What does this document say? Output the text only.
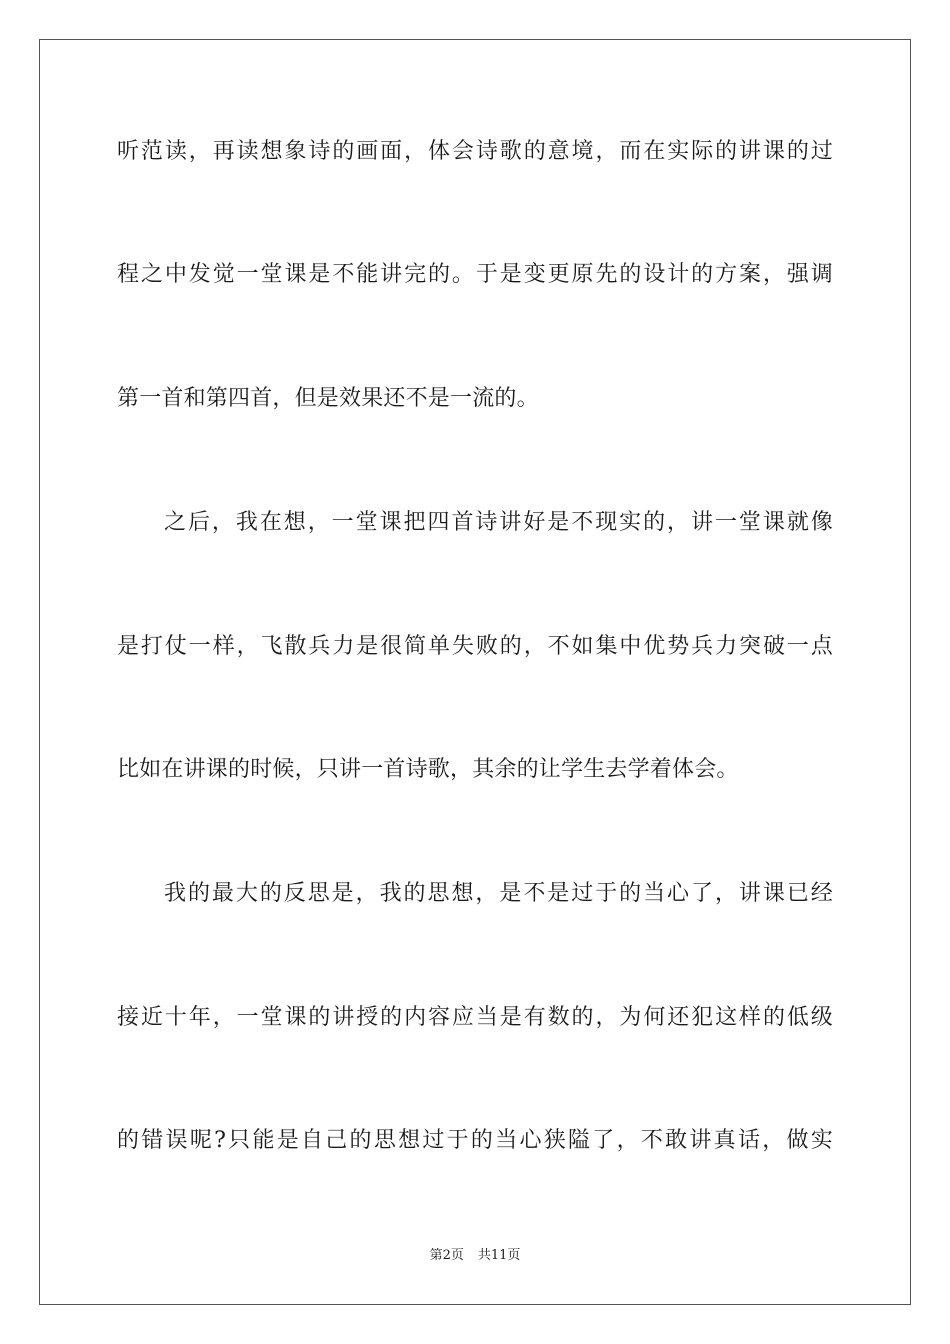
听范读，再读想象诗的画面，体会诗歌的意境，而在实际的讲课的过
程之中发觉一堂课是不能讲完的。于是变更原先的设计的方案，强调
第一首和第四首，但是效果还不是一流的。
之后，我在想，一堂课把四首诗讲好是不现实的，讲一堂课就像
是打仗一样，飞散兵力是很简单失败的，不如集中优势兵力突破一点
比如在讲课的时候，只讲一首诗歌，其余的让学生去学着体会。
我的最大的反思是，我的思想，是不是过于的当心了，讲课已经
接近十年，一堂课的讲授的内容应当是有数的，为何还犯这样的低级
的错误呢?只能是自己的思想过于的当心狭隘了，不敢讲真话，做实
第2页 共11页
